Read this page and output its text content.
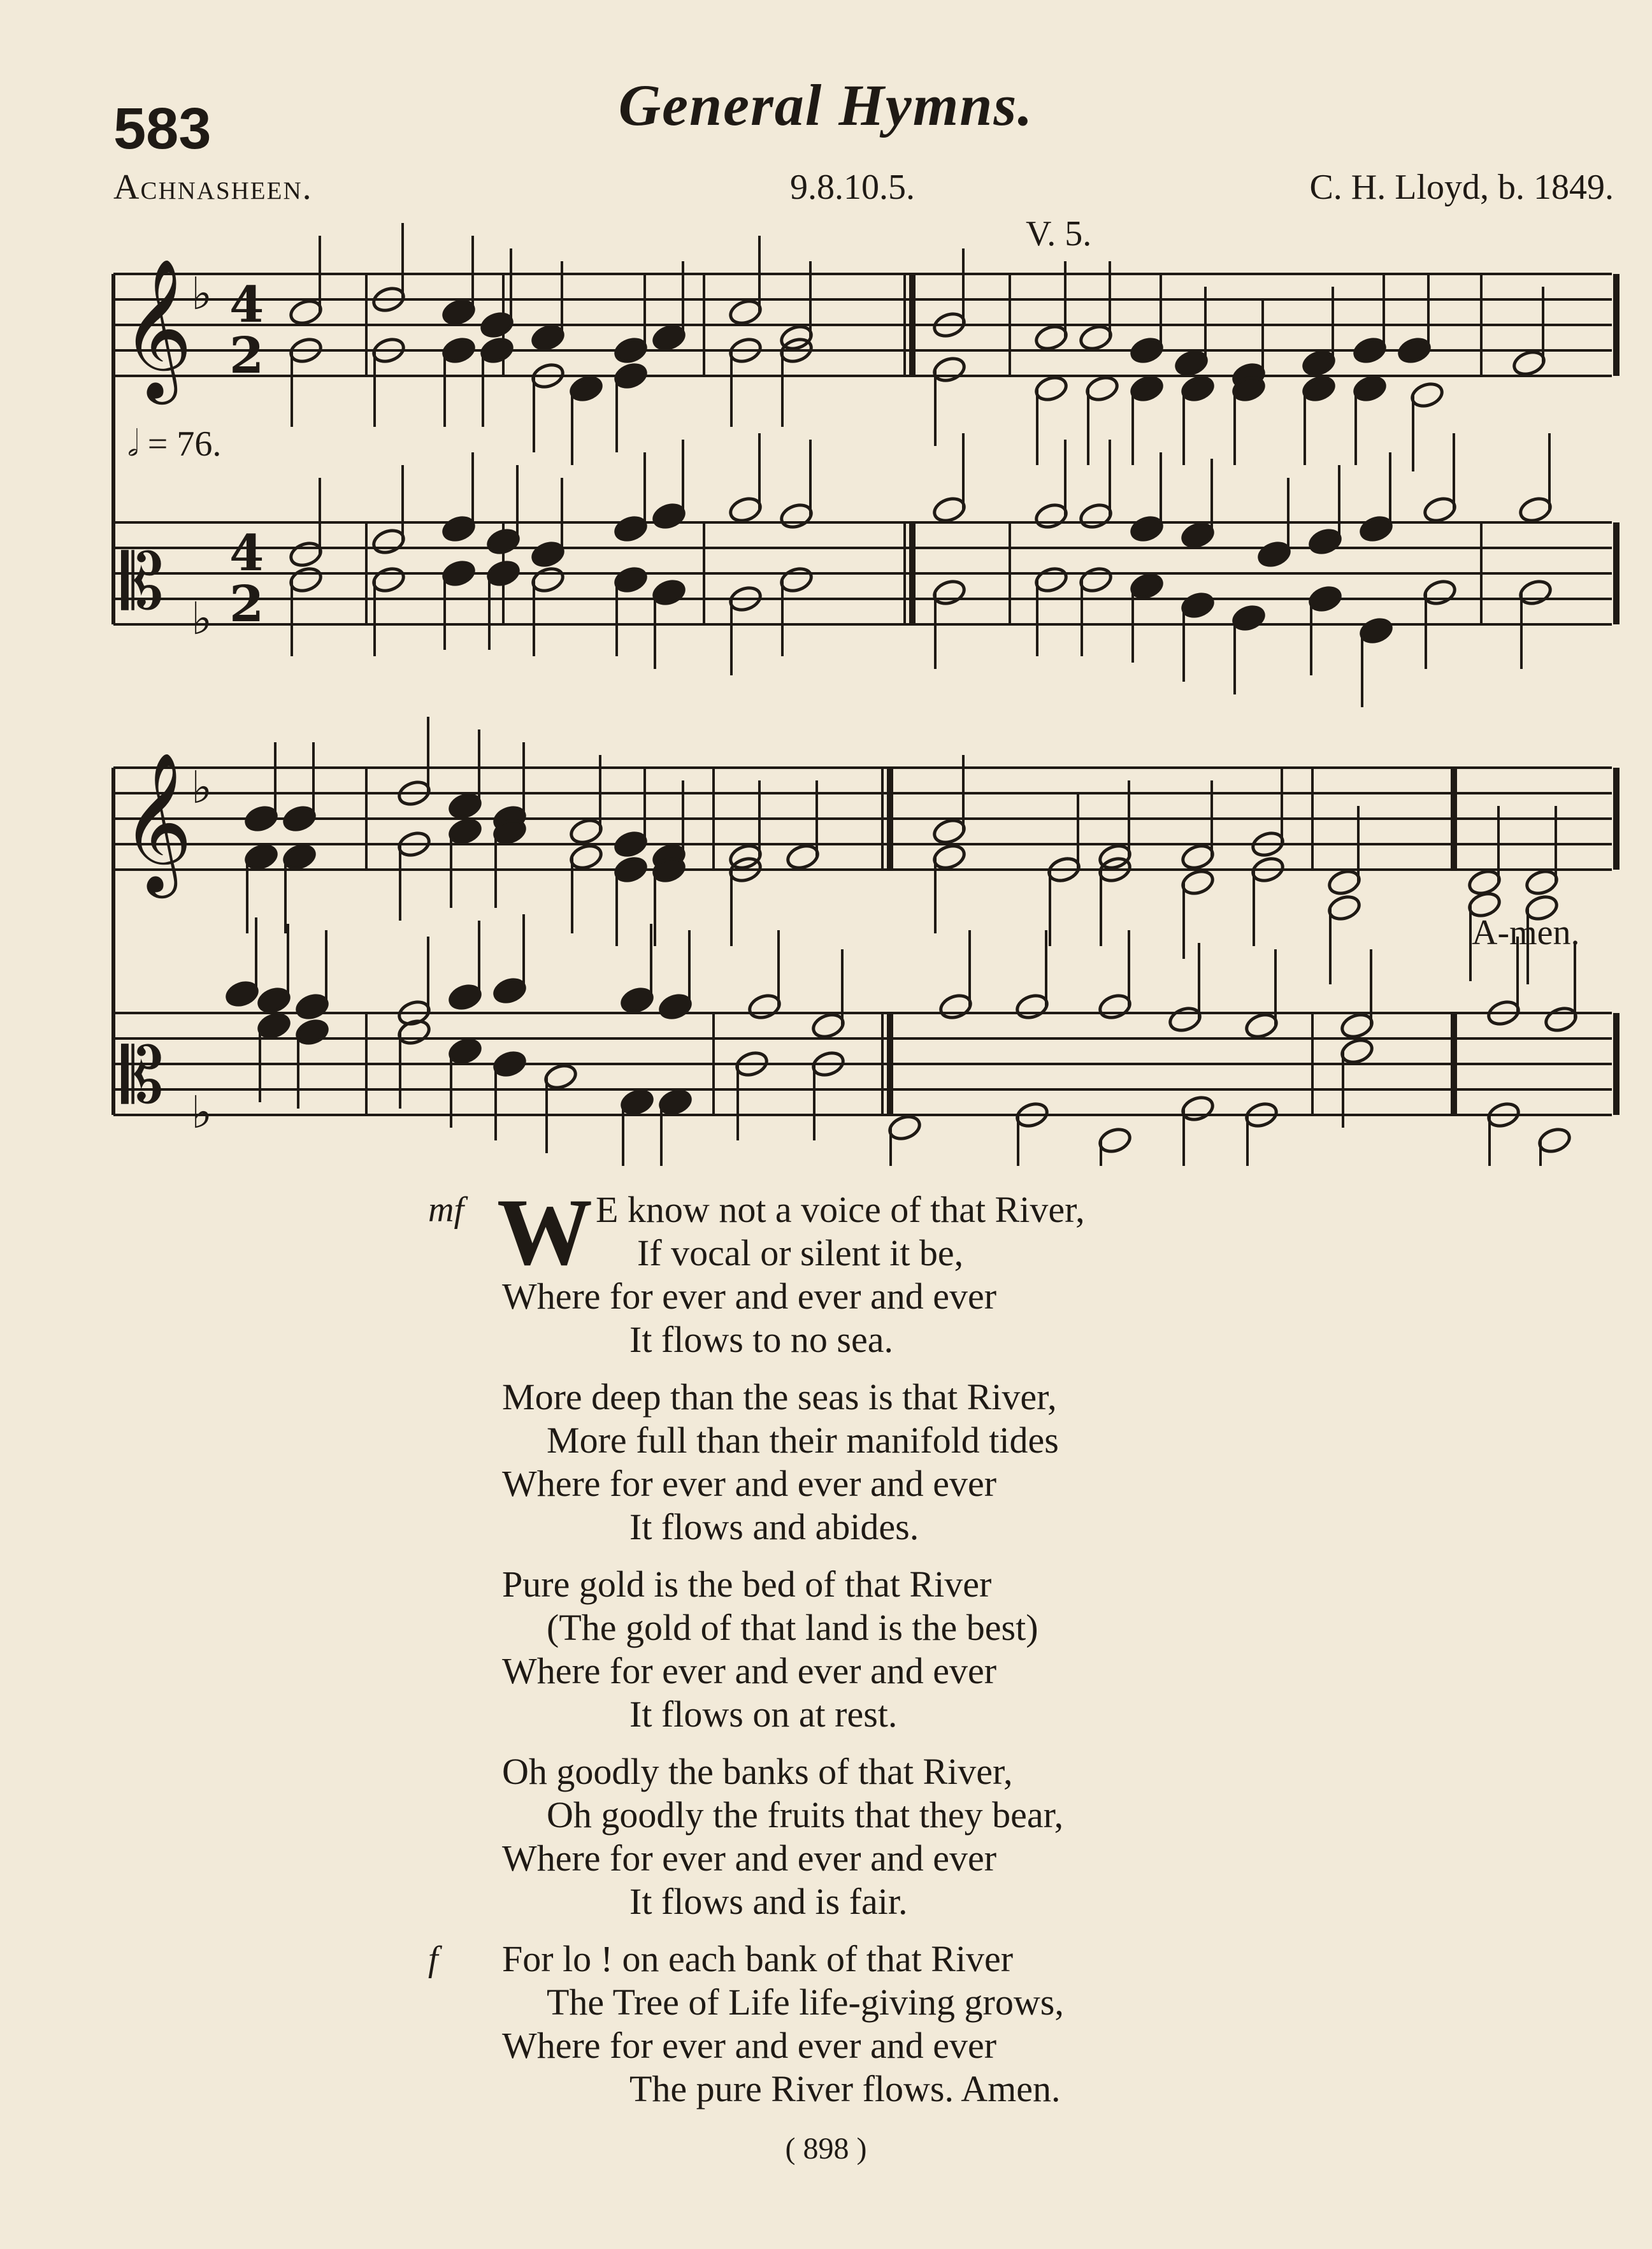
583	General Hymns.
Achnasheen.	9.8.10.5.	C. H. Lloyd, b. 1849.
V. 5.
𝅗𝅥 = 76.
A-men.
𝄞
𝄞
𝄡
𝄡
♭
♭
♭
♭
4
2
4
2
E know not a voice of that River,
mf W	If vocal or silent it be,
Where for ever and ever and ever
It flows to no sea.
More deep than the seas is that River,
More full than their manifold tides
Where for ever and ever and ever
It flows and abides.
Pure gold is the bed of that River
(The gold of that land is the best)
Where for ever and ever and ever
It flows on at rest.
Oh goodly the banks of that River,
Oh goodly the fruits that they bear,
Where for ever and ever and ever
It flows and is fair.
For lo ! on each bank of that River
f
The Tree of Life life-giving grows,
Where for ever and ever and ever
The pure River flows. Amen.
( 898 )
